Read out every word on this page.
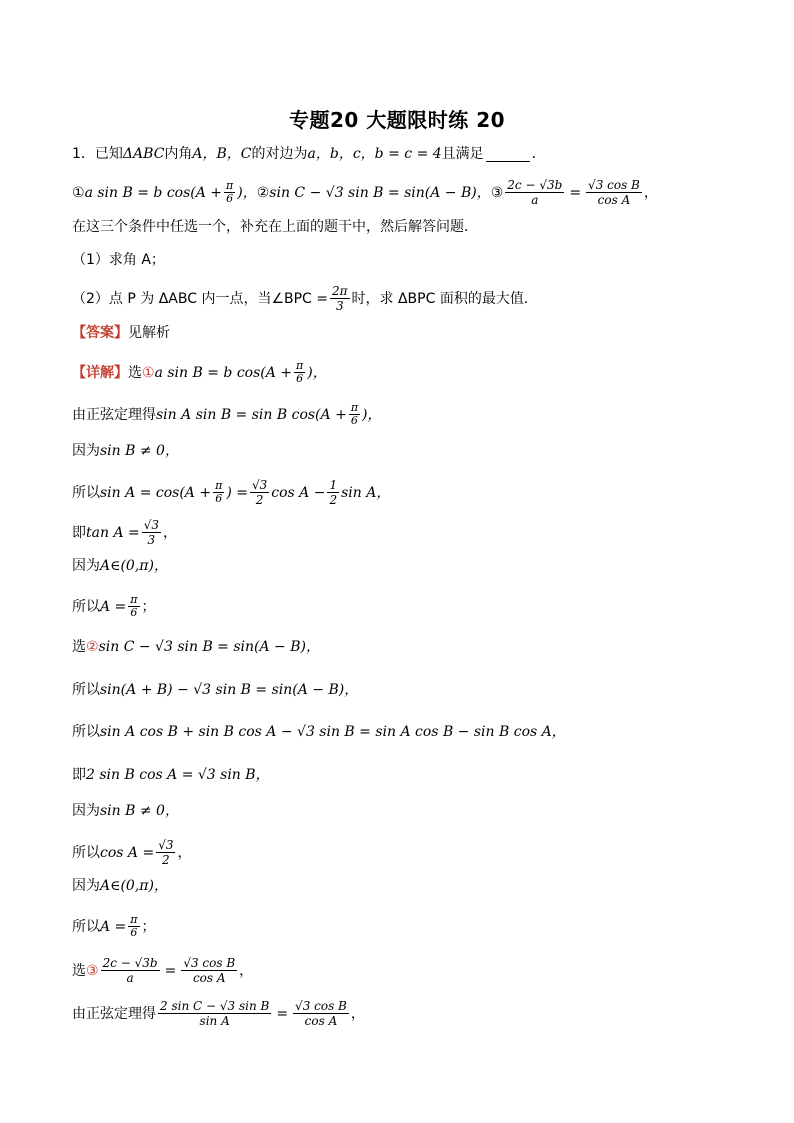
专题20 大题限时练 20
1．已知 ΔABC 内角 A，B，C 的对边为 a，b，c，b = c = 4 且满足	．
① a sin B = b $\cos(A + \frac{\pi}{6}$ )， ② sin C − √3 sin B = sin(A − B)， ③ $\frac{2c - √3b}{a} = \frac{\text{√3 cos B}}{\text{cos A}}$ ，
在这三个条件中任选一个，补充在上面的题干中，然后解答问题．
（1）求角 A；
（2）点 P 为 ΔABC 内一点，当∠BPC = $\frac{2\pi}{3}$ 时，求 ΔBPC 面积的最大值．
【答案】 见解析
【详解】 选 ① a sin B = b $\cos(A + \frac{\pi}{6}$ )，
由正弦定理得 sin A sin B = sin B $\cos(A + \frac{\pi}{6}$ )，
因为 sin B ≠ 0，
所以 $\sin A = \cos(A + \frac{\pi}{6}$ ) = $\frac{√3}{2}$ $\cos A - \frac{1}{2}$ sin A，
即 $\tan A = \frac{√3}{3}$ ，
因为 A∈(0,π)，
所以 $A = \frac{\pi}{6}$ ；
选 ② sin C − √3 sin B = sin(A − B)，
所以 sin(A + B) − √3 sin B = sin(A − B)，
所以 sin A cos B + sin B cos A − √3 sin B = sin A cos B − sin B cos A，
即 2 sin B cos A = √3 sin B，
因为 sin B ≠ 0，
所以 $\cos A = \frac{√3}{2}$ ，
因为 A∈(0,π)，
所以 $A = \frac{\pi}{6}$ ；
选 ③ $\frac{2c - √3b}{a} = \frac{\text{√3 cos B}}{\text{cos A}}$ ，
由正弦定理得 $\frac{\text{2 sin C − √3 sin B}}{\text{sin A}} = \frac{\text{√3 cos B}}{\text{cos A}}$ ，
